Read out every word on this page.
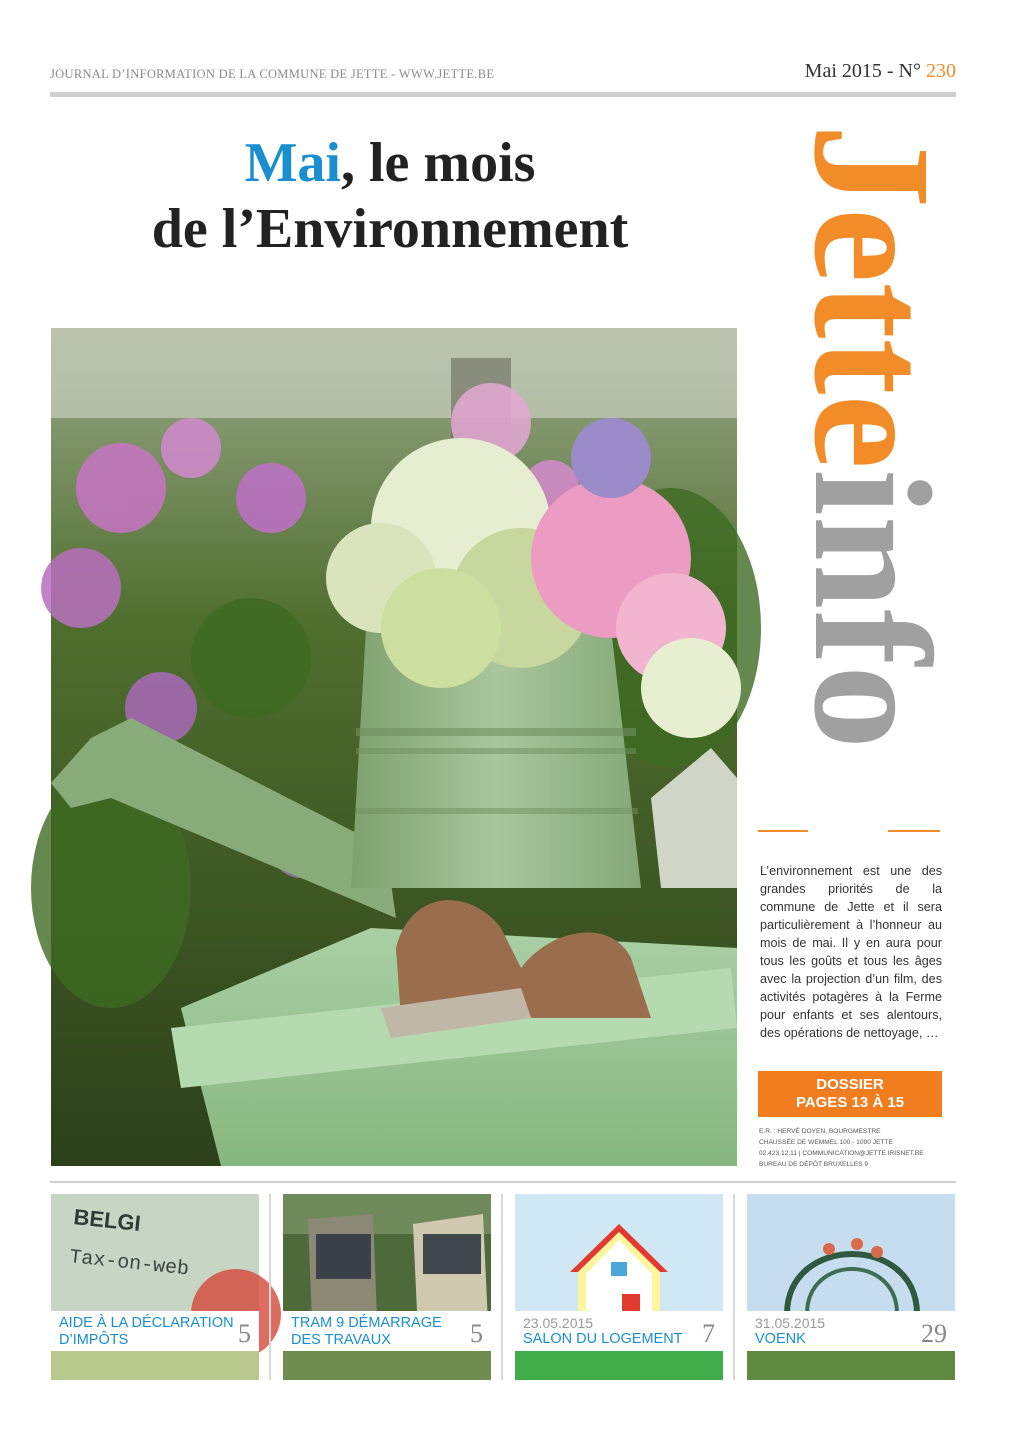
JOURNAL D’INFORMATION DE LA COMMUNE DE JETTE - WWW.JETTE.BE	Mai 2015 - N° 230
Mai, le mois
de l’Environnement Jetteinfo

L’environnement est une des grandes priorités de la commune de Jette et il sera particulièrement à l’honneur au mois de mai. Il y en aura pour tous les goûts et tous les âges avec la projection d’un film, des activités potagères à la Ferme pour enfants et ses alentours, des opérations de nettoyage, …

DOSSIER
PAGES 13 À 15
E.R. : HERVÉ DOYEN, BOURGMESTRE
CHAUSSÉE DE WEMMEL 100 - 1090 JETTE
02.423.12.11 | COMMUNICATION@JETTE.IRISNET.BE
BUREAU DE DÉPÔT BRUXELLES 9
BELGI
Tax-on-web
AIDE À LA DÉCLARATION
D’IMPÔTS	5	TRAM 9 DÉMARRAGE
DES TRAVAUX	5	23.05.2015
SALON DU LOGEMENT 7	31.05.2015
VOENK	29
